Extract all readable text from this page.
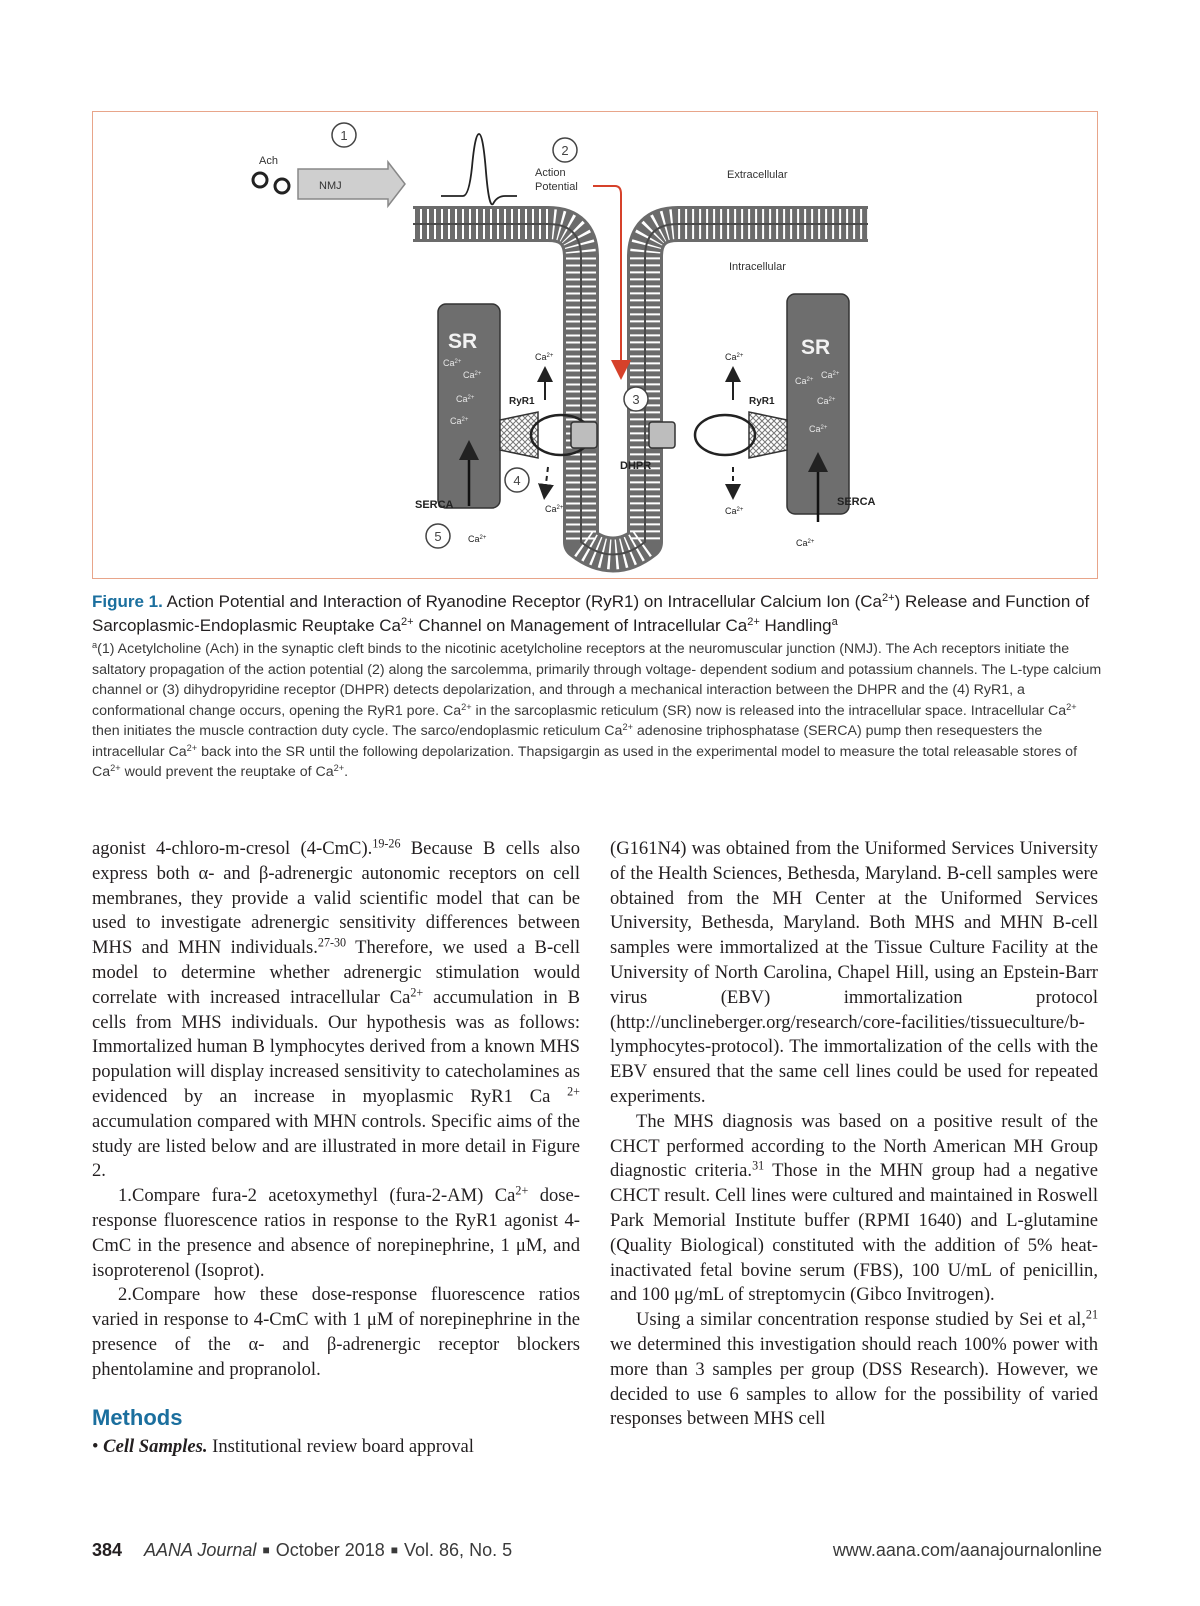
Ach
NMJ
1
2
Action
Potential
Extracellular
Intracellular
3
SR
$Ca^{2+}$
$Ca^{2+}$
$Ca^{2+}$
$Ca^{2+}$
SR
$Ca^{2+}$ $Ca^{2+}$
$Ca^{2+}$
$Ca^{2+}$
RyR1	RyR1
DHPR
$Ca^{2+}$
$Ca^{2+}$
$Ca^{2+}$
$Ca^{2+}$
4
SERCA	SERCA
5	$Ca^{2+}$	$Ca^{2+}$
Figure 1. Action Potential and Interaction of Ryanodine Receptor (RyR1) on Intracellular Calcium Ion $(Ca^{2+})$ Release and Function of Sarcoplasmic-Endoplasmic Reuptake $Ca^{2+}$ Channel on Management of Intracellular $Ca^{2+}$ Handling$^a$
$^a$(1) Acetylcholine (Ach) in the synaptic cleft binds to the nicotinic acetylcholine receptors at the neuromuscular junction (NMJ). The Ach receptors initiate the saltatory propagation of the action potential (2) along the sarcolemma, primarily through voltage- dependent sodium and potassium channels. The L-type calcium channel or (3) dihydropyridine receptor (DHPR) detects depolarization, and through a mechanical interaction between the DHPR and the (4) RyR1, a conformational change occurs, opening the RyR1 pore. $Ca^{2+}$ in the sarcoplasmic reticulum (SR) now is released into the intracellular space. Intracellular $Ca^{2+}$ then initiates the muscle contraction duty cycle. The sarco/endoplasmic reticulum $Ca^{2+}$ adenosine triphosphatase (SERCA) pump then resequesters the intracellular $Ca^{2+}$ back into the SR until the following depolarization. Thapsigargin as used in the experimental model to measure the total releasable stores of $Ca^{2+}$ would prevent the reuptake of $Ca^{2+}$.

agonist 4-chloro-m-cresol (4-CmC).$^{19-26}$ Because B cells also express both α- and β-adrenergic autonomic receptors on cell membranes, they provide a valid scientific model that can be used to investigate adrenergic sensitivity differences between MHS and MHN individuals.$^{27-30}$ Therefore, we used a B-cell model to determine whether adrenergic stimulation would correlate with increased intracellular $Ca^{2+}$ accumulation in B cells from MHS individuals. Our hypothesis was as follows: Immortalized human B lymphocytes derived from a known MHS population will display increased sensitivity to catecholamines as evidenced by an increase in myoplasmic RyR1 Ca $^{2+}$ accumulation compared with MHN controls. Specific aims of the study are listed below and are illustrated in more detail in Figure 2.

1.Compare fura-2 acetoxymethyl (fura-2-AM) $Ca^{2+}$ dose-response fluorescence ratios in response to the RyR1 agonist 4-CmC in the presence and absence of norepinephrine, 1 μM, and isoproterenol (Isoprot).

2.Compare how these dose-response fluorescence ratios varied in response to 4-CmC with 1 μM of norepinephrine in the presence of the α- and β-adrenergic receptor blockers phentolamine and propranolol.

Methods

• Cell Samples. Institutional review board approval

(G161N4) was obtained from the Uniformed Services University of the Health Sciences, Bethesda, Maryland. B-cell samples were obtained from the MH Center at the Uniformed Services University, Bethesda, Maryland. Both MHS and MHN B-cell samples were immortalized at the Tissue Culture Facility at the University of North Carolina, Chapel Hill, using an Epstein-Barr virus (EBV) immortalization protocol (http://unclineberger.org/research/core-facilities/tissueculture/b-lymphocytes-protocol). The immortalization of the cells with the EBV ensured that the same cell lines could be used for repeated experiments.

The MHS diagnosis was based on a positive result of the CHCT performed according to the North American MH Group diagnostic criteria.$^{31}$ Those in the MHN group had a negative CHCT result. Cell lines were cultured and maintained in Roswell Park Memorial Institute buffer (RPMI 1640) and L-glutamine (Quality Biological) constituted with the addition of 5% heat-inactivated fetal bovine serum (FBS), 100 U/mL of penicillin, and 100 μg/mL of streptomycin (Gibco Invitrogen).

Using a similar concentration response studied by Sei et al,$^{21}$ we determined this investigation should reach 100% power with more than 3 samples per group (DSS Research). However, we decided to use 6 samples to allow for the possibility of varied responses between MHS cell

384 AANA Journal ■ October 2018 ■ Vol. 86, No. 5	www.aana.com/aanajournalonline
